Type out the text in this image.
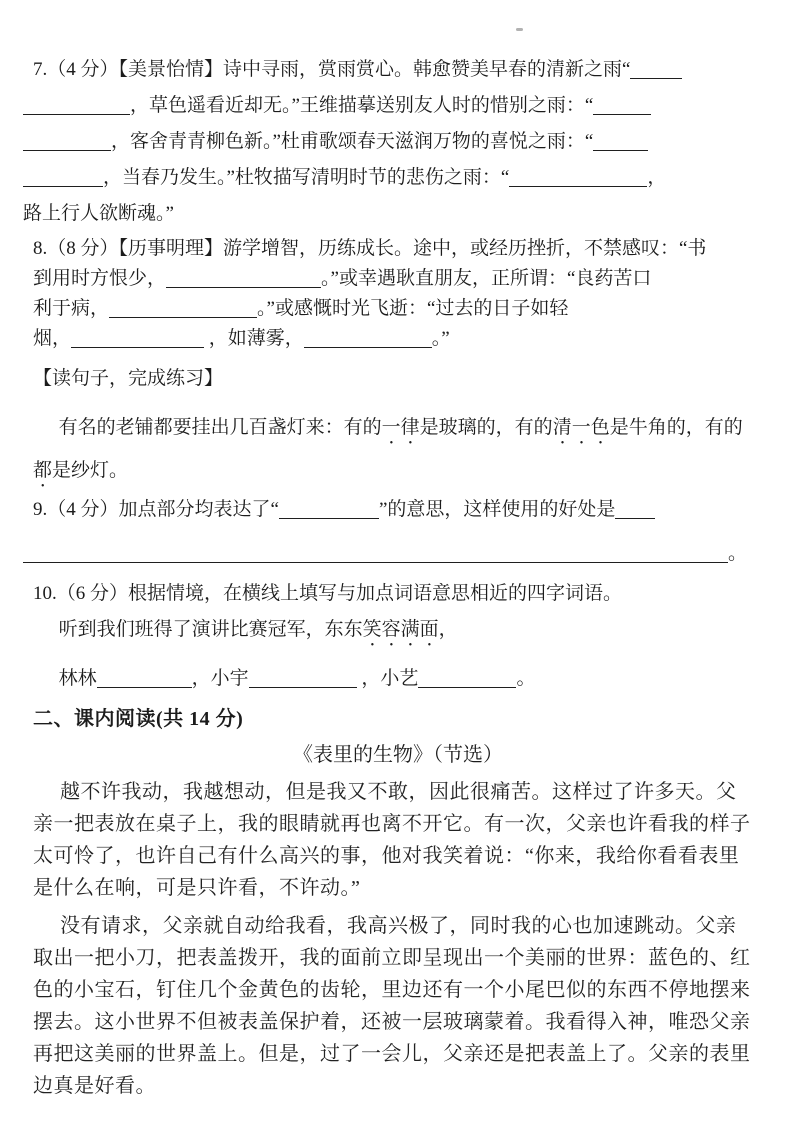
7.（4 分）【美景怡情】诗中寻雨，赏雨赏心。韩愈赞美早春的清新之雨“
，草色遥看近却无。”王维描摹送别友人时的惜别之雨：“
，客舍青青柳色新。”杜甫歌颂春天滋润万物的喜悦之雨：“
，当春乃发生。”杜牧描写清明时节的悲伤之雨：“	，
路上行人欲断魂。”
8.（8 分）【历事明理】游学增智，历练成长。途中，或经历挫折，不禁感叹：“书
到用时方恨少，	。”或幸遇耿直朋友，正所谓：“良药苦口
利于病，	。”或感慨时光飞逝：“过去的日子如轻
烟，	，如薄雾，	。”
【读句子，完成练习】
有名的老铺都要挂出几百盏灯来：有的一律是玻璃的，有的清一色是牛角的，有的
都是纱灯。
9.（4 分）加点部分均表达了“	”的意思，这样使用的好处是
。
10.（6 分）根据情境，在横线上填写与加点词语意思相近的四字词语。
听到我们班得了演讲比赛冠军，东东笑容满面，
林林	，小宇	，小艺	。
二、课内阅读(共 14 分)
《表里的生物》（节选）
越不许我动，我越想动，但是我又不敢，因此很痛苦。这样过了许多天。父
亲一把表放在桌子上，我的眼睛就再也离不开它。有一次，父亲也许看我的样子
太可怜了，也许自己有什么高兴的事，他对我笑着说：“你来，我给你看看表里
是什么在响，可是只许看，不许动。”
没有请求，父亲就自动给我看，我高兴极了，同时我的心也加速跳动。父亲
取出一把小刀，把表盖拨开，我的面前立即呈现出一个美丽的世界：蓝色的、红
色的小宝石，钉住几个金黄色的齿轮，里边还有一个小尾巴似的东西不停地摆来
摆去。这小世界不但被表盖保护着，还被一层玻璃蒙着。我看得入神，唯恐父亲
再把这美丽的世界盖上。但是，过了一会儿，父亲还是把表盖上了。父亲的表里
边真是好看。
